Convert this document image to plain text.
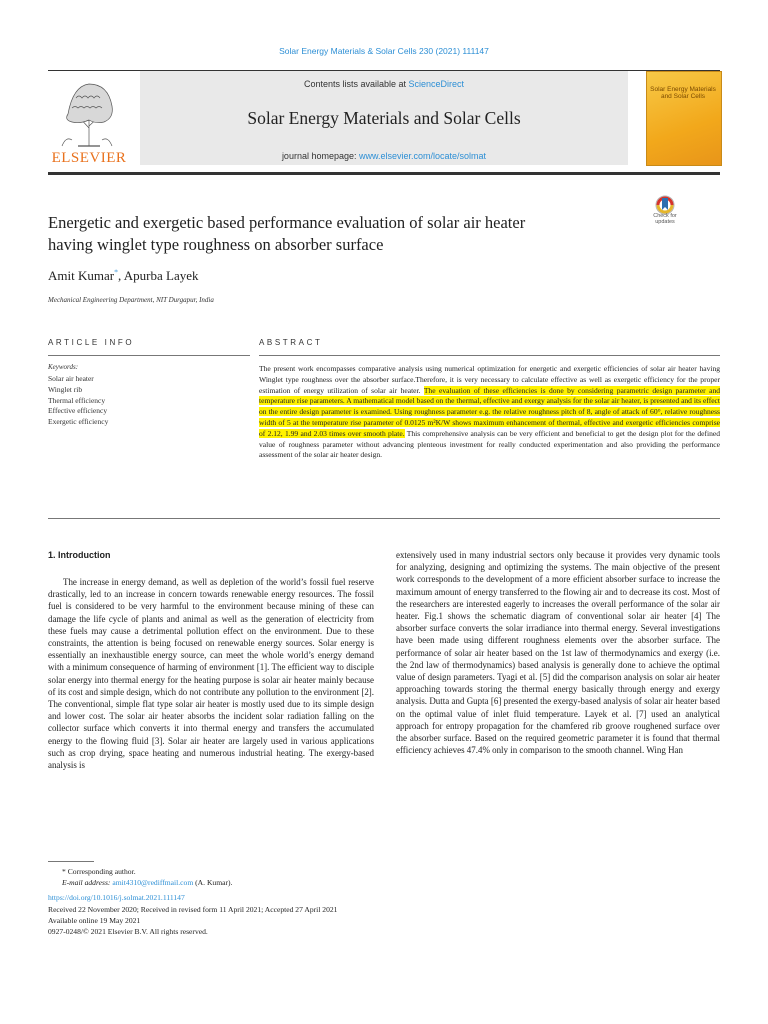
Solar Energy Materials & Solar Cells 230 (2021) 111147
ELSEVIER
Contents lists available at ScienceDirect
Solar Energy Materials and Solar Cells
journal homepage: www.elsevier.com/locate/solmat
Solar Energy Materials and Solar Cells
Energetic and exergetic based performance evaluation of solar air heater
having winglet type roughness on absorber surface
Check for
updates
Amit Kumar*, Apurba Layek
Mechanical Engineering Department, NIT Durgapur, India
ARTICLE INFO	ABSTRACT
Keywords:
Solar air heater
Winglet rib
Thermal efficiency
Effective efficiency
Exergetic efficiency
The present work encompasses comparative analysis using numerical optimization for energetic and exergetic efficiencies of solar air heater having Winglet type roughness over the absorber surface.Therefore, it is very necessary to calculate effective as well as exergetic efficiency for the proper estimation of energy utilization of solar air heater. The evaluation of these efficiencies is done by considering parametric design parameter and temperature rise parameters. A mathematical model based on the thermal, effective and exergy analysis for the solar air heater, is presented and its effect on the entire design parameter is examined. Using roughness parameter e.g. the relative roughness pitch of 8, angle of attack of 60°, relative roughness width of 5 at the temperature rise parameter of 0.0125 m²K/W shows maximum enhancement of thermal, effective and exergetic efficiencies comprise of 2.12, 1.99 and 2.03 times over smooth plate. This comprehensive analysis can be very efficient and beneficial to get the design plot for the defined value of roughness parameter without advancing plenteous investment for really conducted experimentation and also providing the performance assessment of the solar air heater design.
1. Introduction

The increase in energy demand, as well as depletion of the world’s fossil fuel reserve drastically, led to an increase in concern towards renewable energy resources. The fossil fuel is considered to be very harmful to the environment because mining of these can damage the life cycle of plants and animal as well as the generation of electricity from these fuels may cause a detrimental pollution effect on the environment. Due to these constraints, the attention is being focused on renewable energy sources. Solar energy is essentially an inexhaustible energy source, can meet the whole world’s energy demand with a minimum consequence of harming of environment [1]. The efficient way to disciple solar energy into thermal energy for the heating purpose is solar air heater mainly because of its cost and simple design, which do not contribute any pollution to the environment [2]. The conventional, simple flat type solar air heater is mostly used due to its simple design and lower cost. The solar air heater absorbs the incident solar radiation falling on the collector surface which converts it into thermal energy and transfers the accumulated energy to the flowing fluid [3]. Solar air heater are largely used in various applications such as crop drying, space heating and numerous industrial heating. The exergy-based analysis is

extensively used in many industrial sectors only because it provides very dynamic tools for analyzing, designing and optimizing the systems. The main objective of the present work corresponds to the development of a more efficient absorber surface to increase the maximum amount of energy transferred to the flowing air and to decrease its cost. Most of the researchers are interested eagerly to increases the overall performance of the solar air heater. Fig.1 shows the schematic diagram of conventional solar air heater [4] The absorber surface converts the solar irradiance into thermal energy. Several investigations have been made using different roughness elements over the absorber surface. The performance of solar air heater based on the 1st law of thermodynamics and exergy (i.e. the 2nd law of thermodynamics) based analysis is generally done to achieve the optimal value of design parameters. Tyagi et al. [5] did the comparison analysis on solar air heater approaching towards storing the thermal energy basically through energy and exergy analysis. Dutta and Gupta [6] presented the exergy-based analysis of solar air heater based on the optimal value of inlet fluid temperature. Layek et al. [7] used an analytical approach for entropy propagation for the chamfered rib groove roughened surface over the absorber surface. Based on the required geometric parameter it is found that thermal efficiency achieves 47.4% only in comparison to the smooth channel. Wing Han

* Corresponding author.
E-mail address: amit4310@rediffmail.com (A. Kumar).
https://doi.org/10.1016/j.solmat.2021.111147
Received 22 November 2020; Received in revised form 11 April 2021; Accepted 27 April 2021
Available online 19 May 2021
0927-0248/© 2021 Elsevier B.V. All rights reserved.
